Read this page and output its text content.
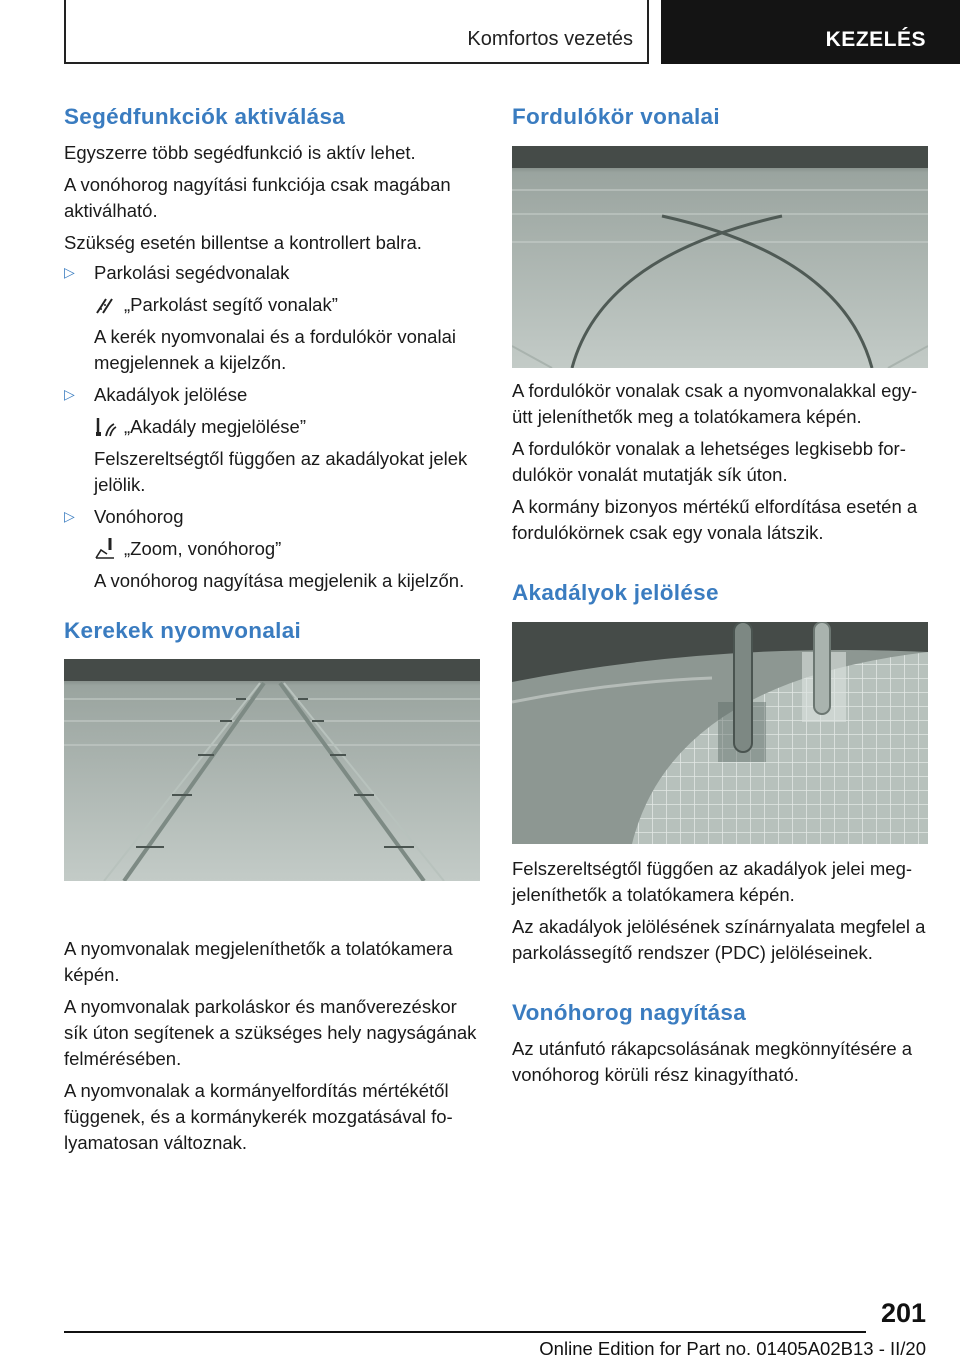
Komfortos vezetés	KEZELÉS
Segédfunkciók aktiválása

Egyszerre több segédfunkció is aktív lehet.

A vonóhorog nagyítási funkciója csak magában aktiválható.

Szükség esetén billentse a kontrollert balra.

▷ Parkolási segédvonalak

„Parkolást segítő vonalak”

A kerék nyomvonalai és a fordulókör vonalai megjelennek a kijelzőn.

▷ Akadályok jelölése

„Akadály megjelölése”

Felszereltségtől függően az akadályokat jelek jelölik.

▷ Vonóhorog

„Zoom, vonóhorog”

A vonóhorog nagyítása megjelenik a kijelzőn.

Kerekek nyomvonalai

A nyomvonalak megjeleníthetők a tolatókamera képén.

A nyomvonalak parkoláskor és manőverezéskor sík úton segítenek a szükséges hely nagyságának felmérésében.

A nyomvonalak a kormányelfordítás mértékétől függenek, és a kormánykerék mozgatásával folyamatosan változnak.

Fordulókör vonalai

A fordulókör vonalak csak a nyomvonalakkal együtt jeleníthetők meg a tolatókamera képén.

A fordulókör vonalak a lehetséges legkisebb fordulókör vonalát mutatják sík úton.

A kormány bizonyos mértékű elfordítása esetén a fordulókörnek csak egy vonala látszik.

Akadályok jelölése

Felszereltségtől függően az akadályok jelei megjeleníthetők a tolatókamera képén.

Az akadályok jelölésének színárnyalata megfelel a parkolássegítő rendszer (PDC) jelöléseinek.

Vonóhorog nagyítása

Az utánfutó rákapcsolásának megkönnyítésére a vonóhorog körüli rész kinagyítható.

201
Online Edition for Part no. 01405A02B13 - II/20
